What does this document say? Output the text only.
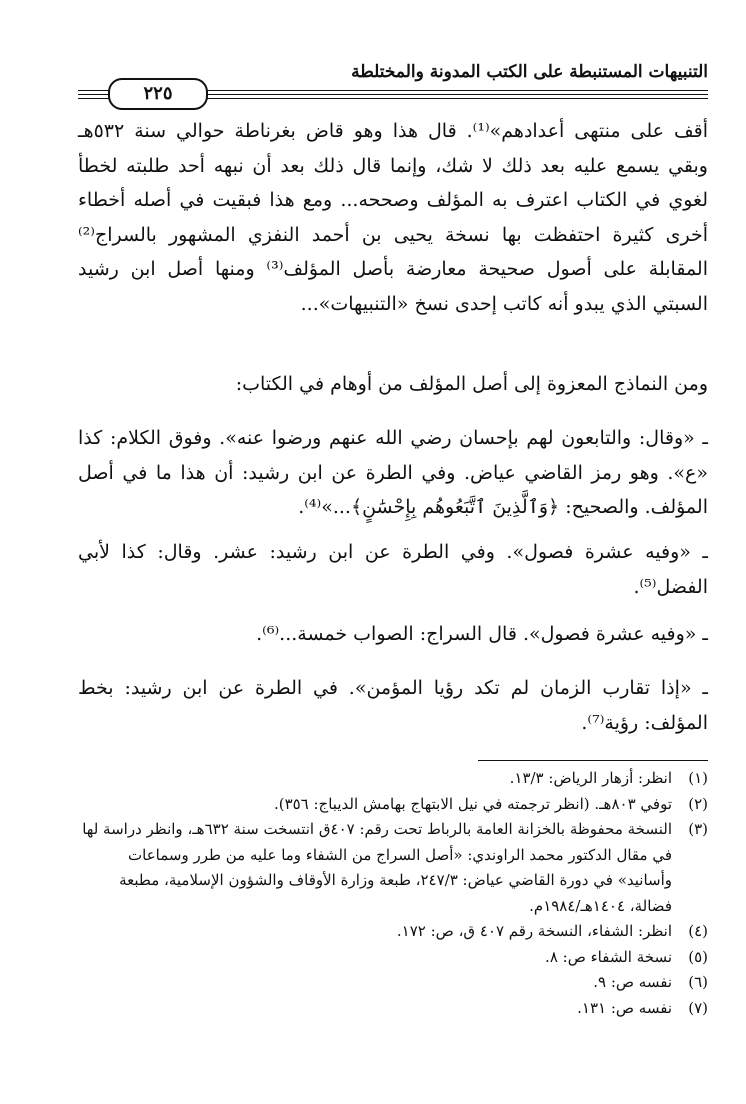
التنبيهات المستنبطة على الكتب المدونة والمختلطة
٢٢٥
أقف على منتهى أعدادهم»⁽¹⁾. قال هذا وهو قاض بغرناطة حوالي سنة ٥٣٢هـ وبقي يسمع عليه بعد ذلك لا شك، وإنما قال ذلك بعد أن نبهه أحد طلبته لخطأ لغوي في الكتاب اعترف به المؤلف وصححه... ومع هذا فبقيت في أصله أخطاء أخرى كثيرة احتفظت بها نسخة يحيى بن أحمد النفزي المشهور بالسراج⁽²⁾ المقابلة على أصول صحيحة معارضة بأصل المؤلف⁽³⁾ ومنها أصل ابن رشيد السبتي الذي يبدو أنه كاتب إحدى نسخ «التنبيهات»...
ومن النماذج المعزوة إلى أصل المؤلف من أوهام في الكتاب:
ـ «وقال: والتابعون لهم بإحسان رضي الله عنهم ورضوا عنه». وفوق الكلام: كذا «ع». وهو رمز القاضي عياض. وفي الطرة عن ابن رشيد: أن هذا ما في أصل المؤلف. والصحيح: ﴿وَٱلَّذِينَ ٱتَّبَعُوهُم بِإِحْسَٰنٍ﴾...»⁽⁴⁾.
ـ «وفيه عشرة فصول». وفي الطرة عن ابن رشيد: عشر. وقال: كذا لأبي الفضل⁽⁵⁾.
ـ «وفيه عشرة فصول». قال السراج: الصواب خمسة...⁽⁶⁾.
ـ «إذا تقارب الزمان لم تكد رؤيا المؤمن». في الطرة عن ابن رشيد: بخط المؤلف: رؤية⁽⁷⁾.
(١)
انظر: أزهار الرياض: ١٣/٣.
(٢)
توفي ٨٠٣هـ. (انظر ترجمته في نيل الابتهاج بهامش الديباج: ٣٥٦).
(٣)
النسخة محفوظة بالخزانة العامة بالرباط تحت رقم: ٤٠٧ق انتسخت سنة ٦٣٢هـ، وانظر دراسة لها في مقال الدكتور محمد الراوندي: «أصل السراج من الشفاء وما عليه من طرر وسماعات وأسانيد» في دورة القاضي عياض: ٢٤٧/٣، طبعة وزارة الأوقاف والشؤون الإسلامية، مطبعة فضالة، ١٤٠٤هـ/١٩٨٤م.
(٤)
انظر: الشفاء، النسخة رقم ٤٠٧ ق، ص: ١٧٢.
(٥)
نسخة الشفاء ص: ٨.
(٦)
نفسه ص: ٩.
(٧)
نفسه ص: ١٣١.
